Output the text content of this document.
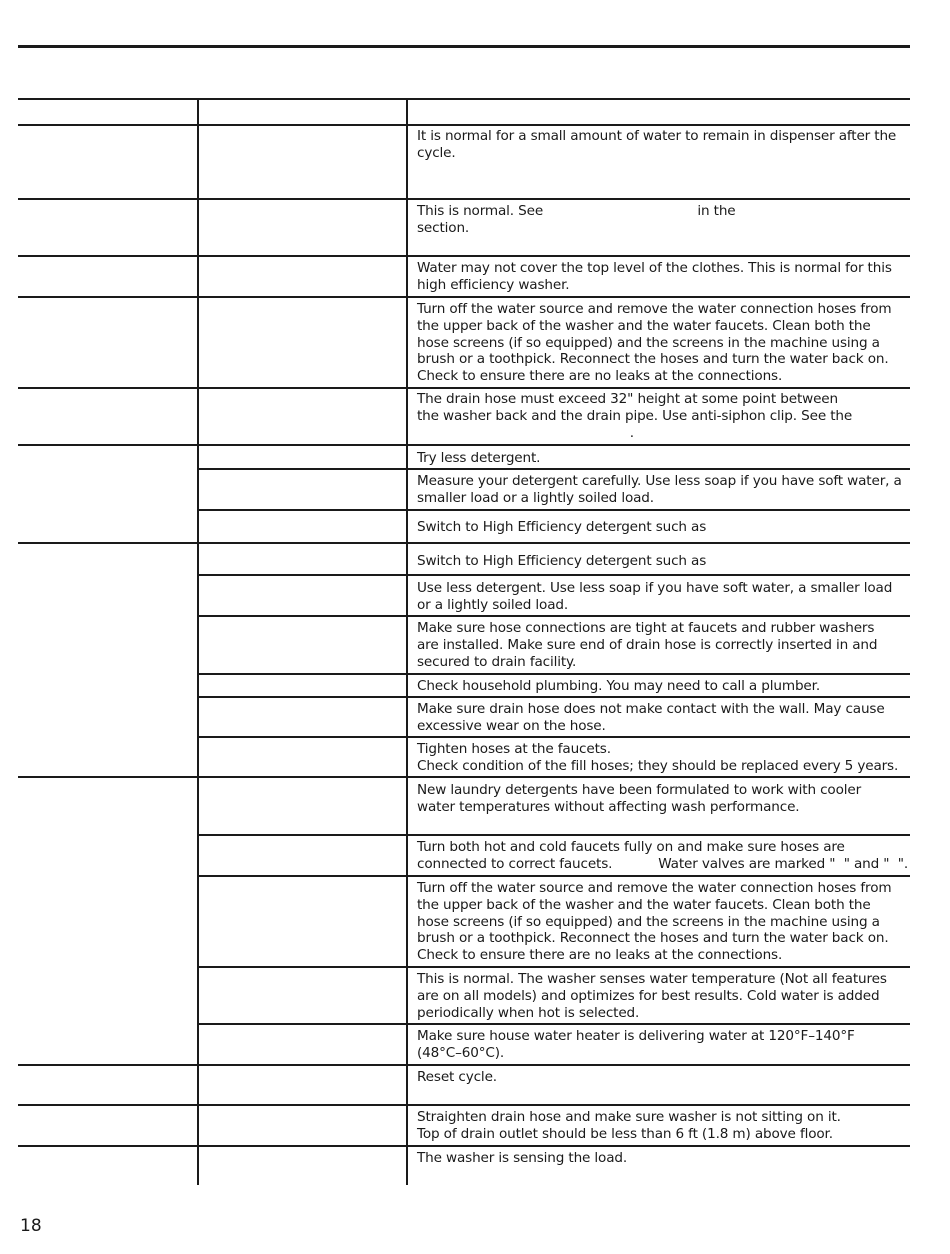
It is normal for a small amount of water to remain in dispenser after the
cycle.

This is normal. See                                     in the
section.

Water may not cover the top level of the clothes. This is normal for this
high efficiency washer.

Turn off the water source and remove the water connection hoses from
the upper back of the washer and the water faucets. Clean both the
hose screens (if so equipped) and the screens in the machine using a
brush or a toothpick. Reconnect the hoses and turn the water back on.
Check to ensure there are no leaks at the connections.

The drain hose must exceed 32" height at some point between
the washer back and the drain pipe. Use anti-siphon clip. See the
.

Try less detergent.

Measure your detergent carefully. Use less soap if you have soft water, a
smaller load or a lightly soiled load.

Switch to High Efficiency detergent such as

Switch to High Efficiency detergent such as

Use less detergent. Use less soap if you have soft water, a smaller load
or a lightly soiled load.

Make sure hose connections are tight at faucets and rubber washers
are installed. Make sure end of drain hose is correctly inserted in and
secured to drain facility.

Check household plumbing. You may need to call a plumber.

Make sure drain hose does not make contact with the wall. May cause
excessive wear on the hose.

Tighten hoses at the faucets.
Check condition of the fill hoses; they should be replaced every 5 years.

New laundry detergents have been formulated to work with cooler
water temperatures without affecting wash performance.

Turn both hot and cold faucets fully on and make sure hoses are
connected to correct faucets.           Water valves are marked "  " and "  ".

Turn off the water source and remove the water connection hoses from
the upper back of the washer and the water faucets. Clean both the
hose screens (if so equipped) and the screens in the machine using a
brush or a toothpick. Reconnect the hoses and turn the water back on.
Check to ensure there are no leaks at the connections.

This is normal. The washer senses water temperature (Not all features
are on all models) and optimizes for best results. Cold water is added
periodically when hot is selected.

Make sure house water heater is delivering water at 120°F–140°F
(48°C–60°C).

Reset cycle.

Straighten drain hose and make sure washer is not sitting on it.
Top of drain outlet should be less than 6 ft (1.8 m) above floor.

The washer is sensing the load.

18
